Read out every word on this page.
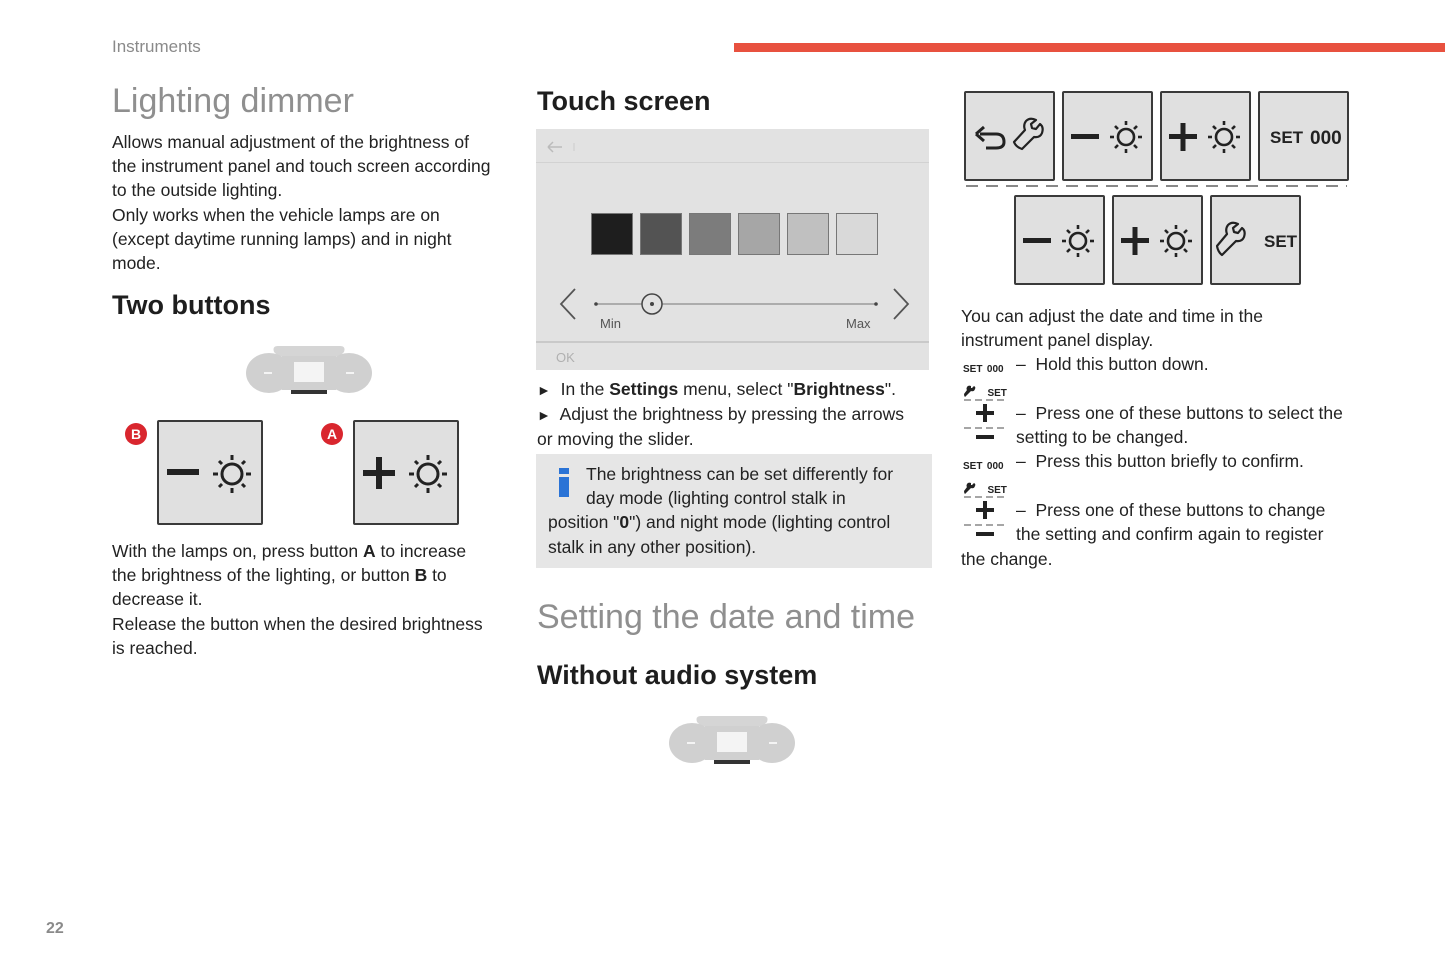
Instruments
Lighting dimmer
Allows manual adjustment of the brightness of
the instrument panel and touch screen according
to the outside lighting.
Only works when the vehicle lamps are on
(except daytime running lamps) and in night
mode.
Two buttons
B	A
With the lamps on, press button A to increase
the brightness of the lighting, or button B to
decrease it.
Release the button when the desired brightness
is reached.
Touch screen
Min	Max
OK
► In the Settings menu, select "Brightness".
► Adjust the brightness by pressing the arrows
or moving the slider.
The brightness can be set differently for
day mode (lighting control stalk in
position "0") and night mode (lighting control
stalk in any other position).
Setting the date and time
Without audio system
SET 000
SET
You can adjust the date and time in the
instrument panel display.
SET 000 – Hold this button down.
SET
– Press one of these buttons to select the
setting to be changed.
SET 000 – Press this button briefly to confirm.
SET
– Press one of these buttons to change
the setting and confirm again to register
the change.
22
